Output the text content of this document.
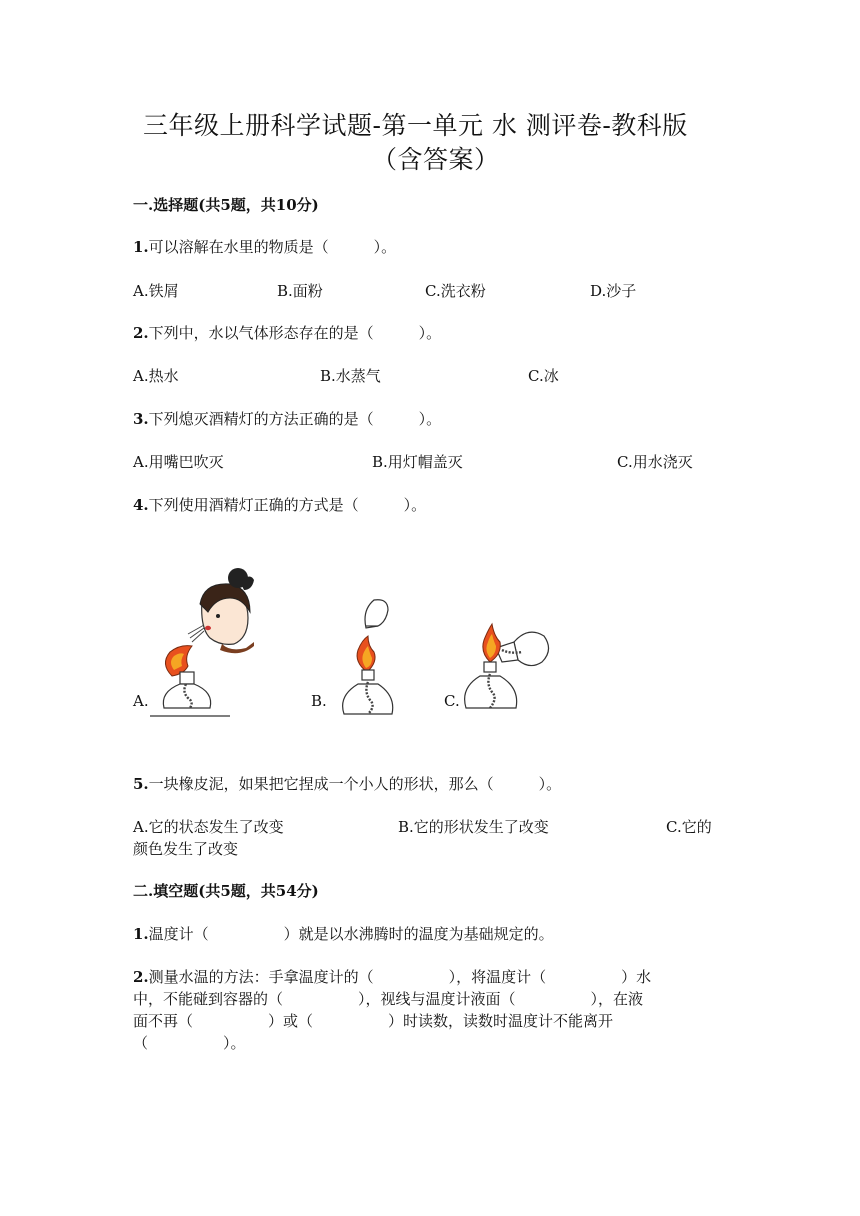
三年级上册科学试题-第一单元 水 测评卷-教科版
（含答案）
一.选择题(共5题，共10分)
1.可以溶解在水里的物质是（　　　）。
A.铁屑	B.面粉	C.洗衣粉	D.沙子
2.下列中，水以气体形态存在的是（　　　）。
A.热水	B.水蒸气	C.冰
3.下列熄灭酒精灯的方法正确的是（　　　）。
A.用嘴巴吹灭	B.用灯帽盖灭	C.用水浇灭
4.下列使用酒精灯正确的方式是（　　　）。
A.	B.	C.
5.一块橡皮泥，如果把它捏成一个小人的形状，那么（　　　）。
A.它的状态发生了改变	B.它的形状发生了改变	C.它的
颜色发生了改变
二.填空题(共5题，共54分)
1.温度计（　　　　　）就是以水沸腾时的温度为基础规定的。
2.测量水温的方法：手拿温度计的（　　　　　），将温度计（　　　　　）水
中，不能碰到容器的（　　　　　），视线与温度计液面（　　　　　），在液
面不再（　　　　　）或（　　　　　）时读数，读数时温度计不能离开
（　　　　　）。
